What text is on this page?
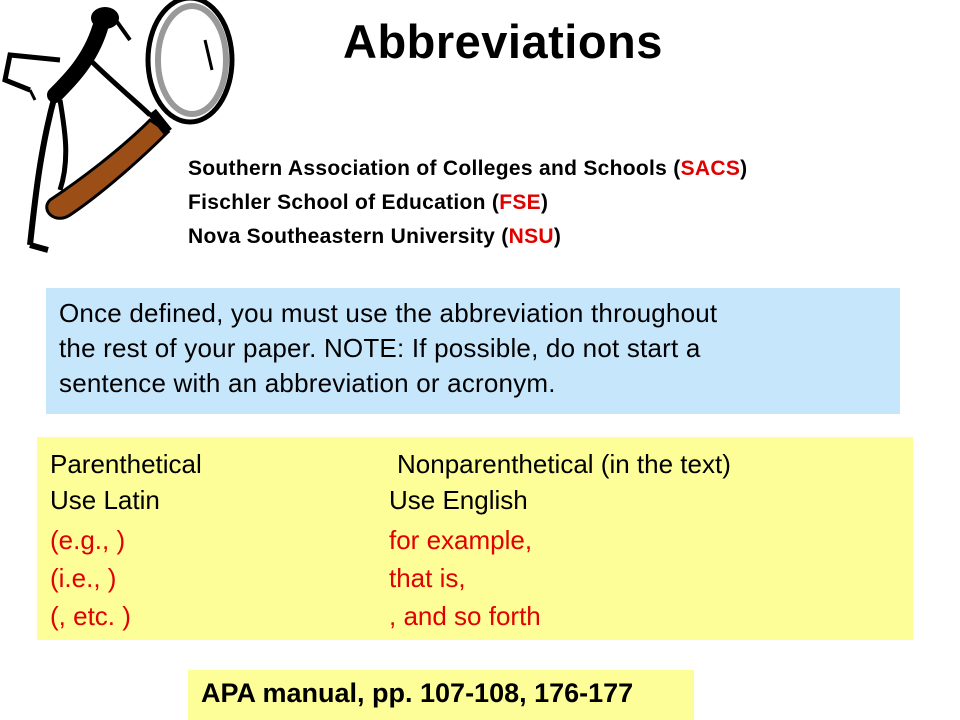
Abbreviations
Southern Association of Colleges and Schools (SACS)
Fischler School of Education (FSE)
Nova Southeastern University (NSU)

Once defined, you must use the abbreviation throughout

the rest of your paper. NOTE: If possible, do not start a

sentence with an abbreviation or acronym.

Parenthetical	Nonparenthetical (in the text)
Use Latin	Use English
(e.g., )	for example,
(i.e., )	that is,
(, etc. )	, and so forth
APA manual, pp. 107-108, 176-177
